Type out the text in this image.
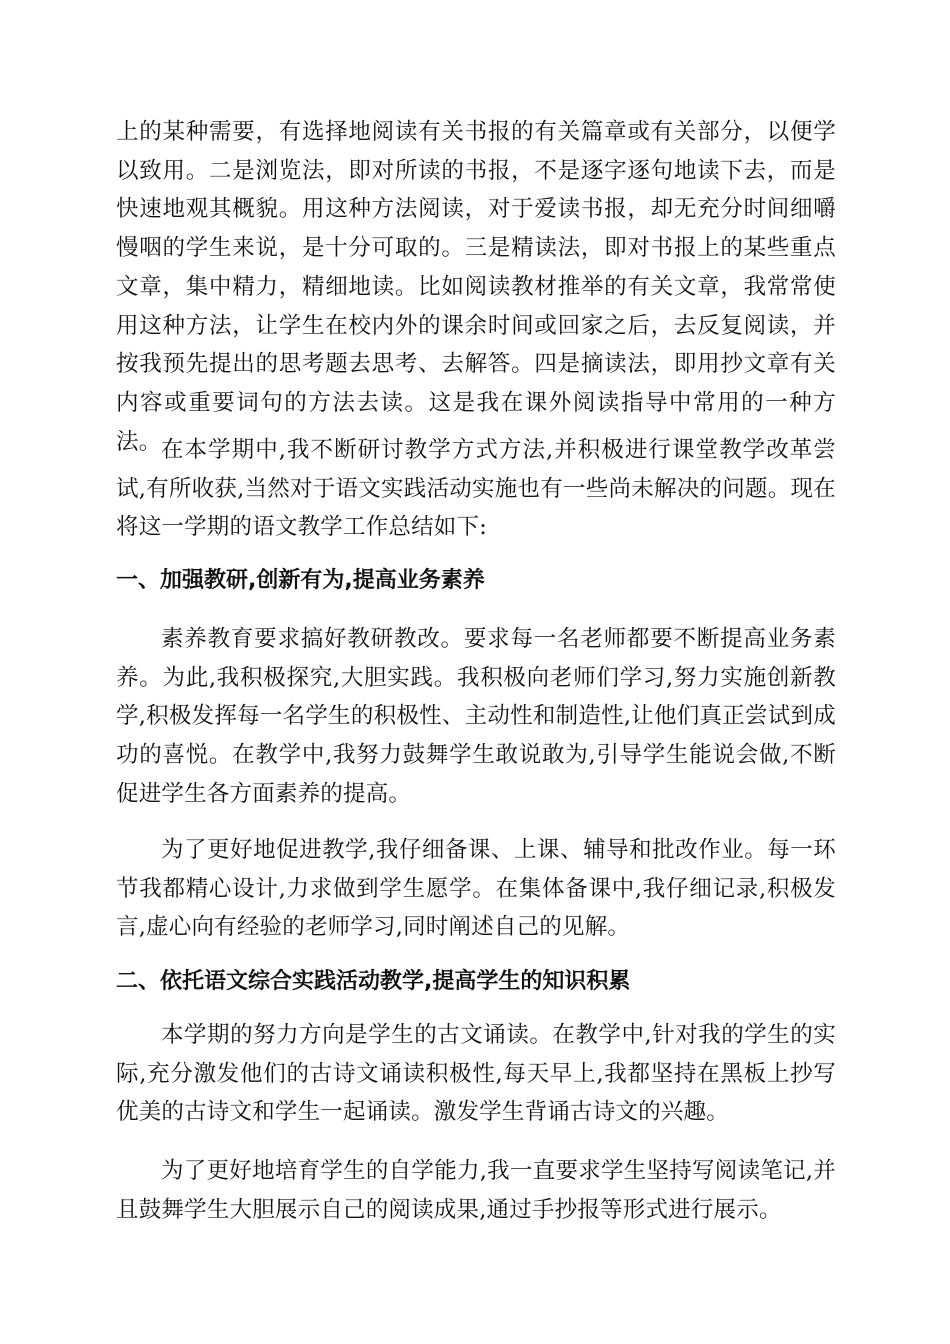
上的某种需要，有选择地阅读有关书报的有关篇章或有关部分，以便学以致用。二是浏览法，即对所读的书报，不是逐字逐句地读下去，而是快速地观其概貌。用这种方法阅读，对于爱读书报，却无充分时间细嚼慢咽的学生来说，是十分可取的。三是精读法，即对书报上的某些重点文章，集中精力，精细地读。比如阅读教材推举的有关文章，我常常使用这种方法，让学生在校内外的课余时间或回家之后，去反复阅读，并按我预先提出的思考题去思考、去解答。四是摘读法，即用抄文章有关内容或重要词句的方法去读。这是我在课外阅读指导中常用的一种方法。 在本学期中,我不断研讨教学方式方法,并积极进行课堂教学改革尝试,有所收获,当然对于语文实践活动实施也有一些尚未解决的问题。现在将这一学期的语文教学工作总结如下:

一、加强教研,创新有为,提高业务素养

素养教育要求搞好教研教改。要求每一名老师都要不断提高业务素养。为此,我积极探究,大胆实践。我积极向老师们学习,努力实施创新教学,积极发挥每一名学生的积极性、主动性和制造性,让他们真正尝试到成功的喜悦。在教学中,我努力鼓舞学生敢说敢为,引导学生能说会做,不断促进学生各方面素养的提高。

为了更好地促进教学,我仔细备课、上课、辅导和批改作业。每一环节我都精心设计,力求做到学生愿学。在集体备课中,我仔细记录,积极发言,虚心向有经验的老师学习,同时阐述自己的见解。

二、依托语文综合实践活动教学,提高学生的知识积累

本学期的努力方向是学生的古文诵读。在教学中,针对我的学生的实际,充分激发他们的古诗文诵读积极性,每天早上,我都坚持在黑板上抄写优美的古诗文和学生一起诵读。激发学生背诵古诗文的兴趣。

为了更好地培育学生的自学能力,我一直要求学生坚持写阅读笔记,并且鼓舞学生大胆展示自己的阅读成果,通过手抄报等形式进行展示。
